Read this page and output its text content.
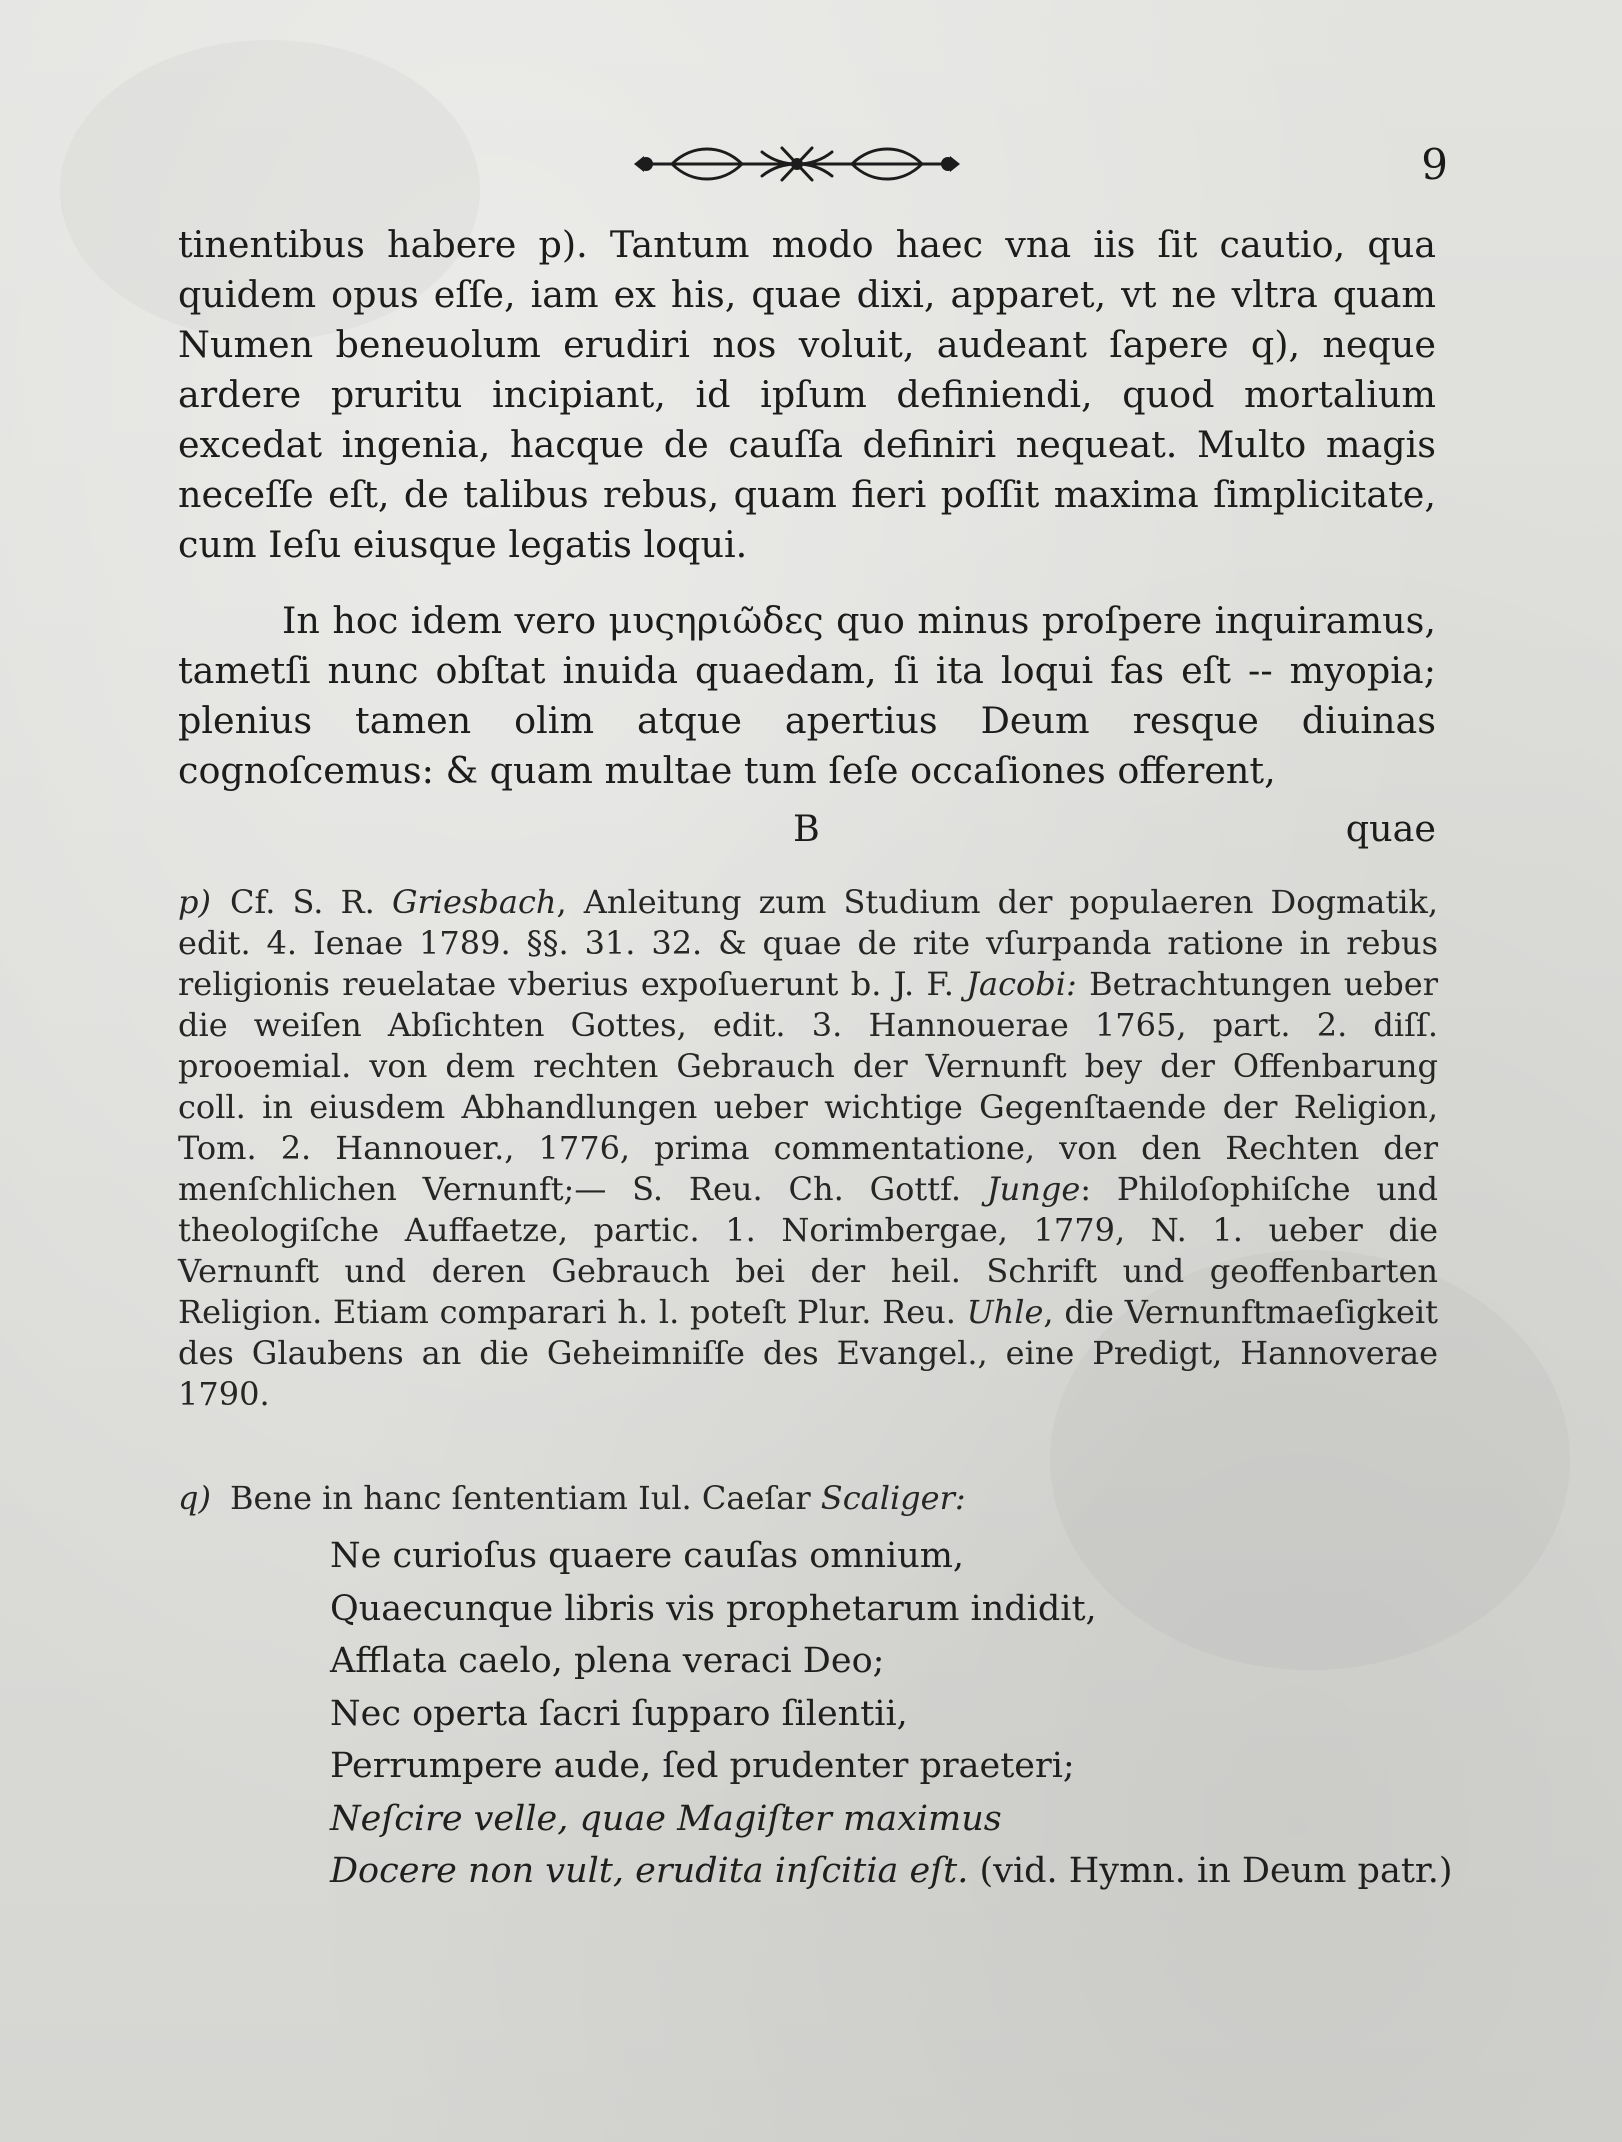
9

tinentibus habere p). Tantum modo haec vna iis ſit cautio, qua quidem opus eſſe, iam ex his, quae dixi, apparet, vt ne vltra quam Numen beneuolum erudiri nos voluit, audeant ſapere q), neque ardere pruritu incipiant, id ipſum definiendi, quod mortalium excedat ingenia, hacque de cauſſa definiri nequeat. Multo magis neceſſe eſt, de talibus rebus, quam fieri poſſit maxima ſimplicitate, cum Ieſu eiusque legatis loqui.

In hoc idem vero μυςηριῶδες quo minus proſpere inquiramus, tametſi nunc obſtat inuida quaedam, ſi ita loqui fas eſt -- myopia; plenius tamen olim atque apertius Deum resque diuinas cognoſcemus: & quam multae tum ſeſe occaſiones offerent,

B	quae
p) Cf. S. R. Griesbach, Anleitung zum Studium der populaeren Dogmatik, edit. 4. Ienae 1789. §§. 31. 32. & quae de rite vſurpanda ratione in rebus religionis reuelatae vberius expoſuerunt b. J. F. Jacobi: Betrachtungen ueber die weiſen Abſichten Gottes, edit. 3. Hannouerae 1765, part. 2. diſſ. prooemial. von dem rechten Gebrauch der Vernunft bey der Offenbarung coll. in eiusdem Abhandlungen ueber wichtige Gegenſtaende der Religion, Tom. 2. Hannouer., 1776, prima commentatione, von den Rechten der menſchlichen Vernunft;— S. Reu. Ch. Gottf. Junge: Philoſophiſche und theologiſche Auffaetze, partic. 1. Norimbergae, 1779, N. 1. ueber die Vernunft und deren Gebrauch bei der heil. Schrift und geoffenbarten Religion. Etiam comparari h. l. poteſt Plur. Reu. Uhle, die Vernunftmaeſigkeit des Glaubens an die Geheimniſſe des Evangel., eine Predigt, Hannoverae 1790.
q) Bene in hanc ſententiam Iul. Caeſar Scaliger:
Ne curioſus quaere cauſas omnium,
Quaecunque libris vis prophetarum indidit,
Afflata caelo, plena veraci Deo;
Nec operta ſacri ſupparo ſilentii,
Perrumpere aude, ſed prudenter praeteri;
Neſcire velle, quae Magiſter maximus
Docere non vult, erudita inſcitia eſt. (vid. Hymn. in Deum patr.)
